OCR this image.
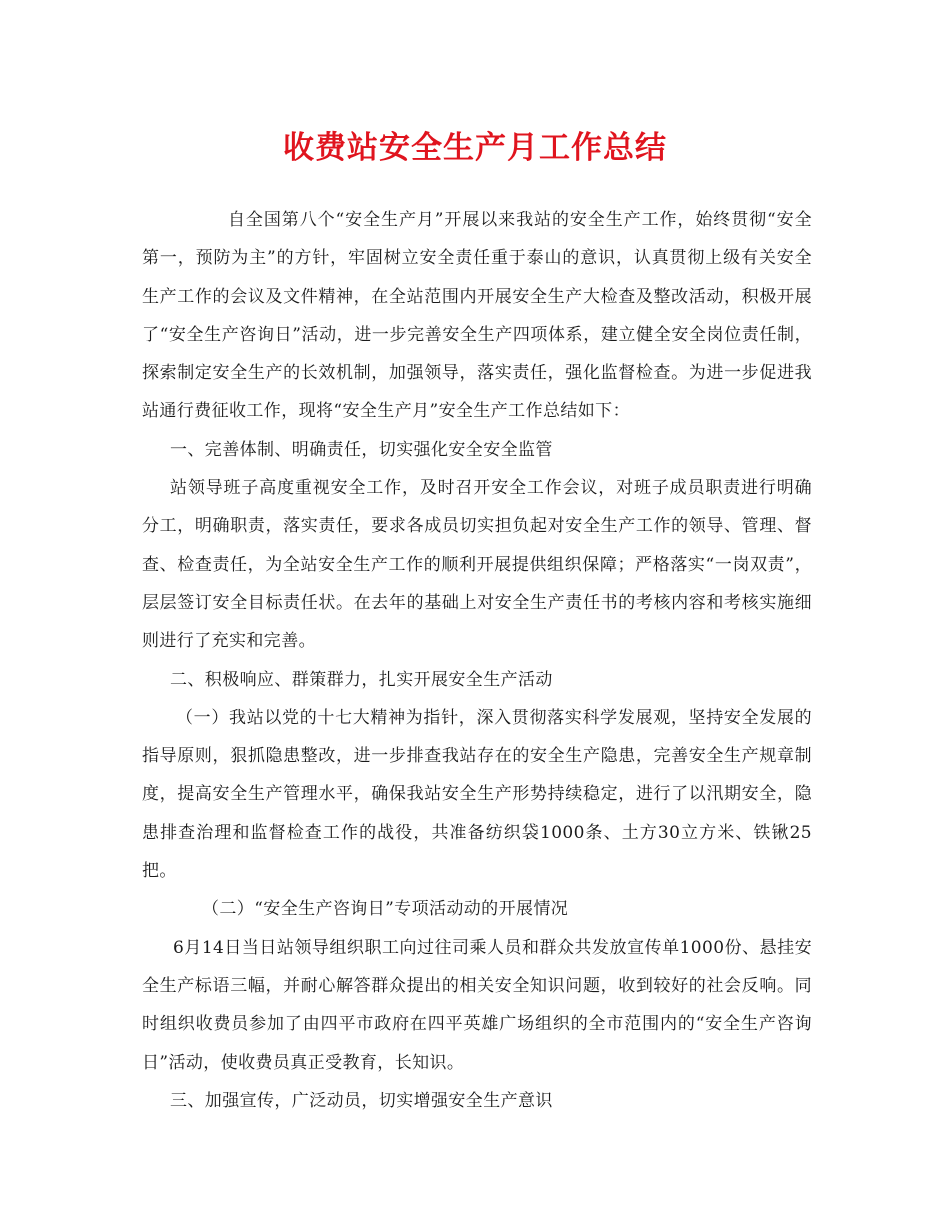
收费站安全生产月工作总结

自全国第八个“安全生产月”开展以来我站的安全生产工作，始终贯彻“安全第一，预防为主”的方针，牢固树立安全责任重于泰山的意识，认真贯彻上级有关安全生产工作的会议及文件精神，在全站范围内开展安全生产大检查及整改活动，积极开展了“安全生产咨询日”活动，进一步完善安全生产四项体系，建立健全安全岗位责任制，探索制定安全生产的长效机制，加强领导，落实责任，强化监督检查。为进一步促进我站通行费征收工作，现将“安全生产月”安全生产工作总结如下：

一、完善体制、明确责任，切实强化安全安全监管

站领导班子高度重视安全工作，及时召开安全工作会议，对班子成员职责进行明确分工，明确职责，落实责任，要求各成员切实担负起对安全生产工作的领导、管理、督查、检查责任，为全站安全生产工作的顺利开展提供组织保障；严格落实“一岗双责”，层层签订安全目标责任状。在去年的基础上对安全生产责任书的考核内容和考核实施细则进行了充实和完善。

二、积极响应、群策群力，扎实开展安全生产活动

（一）我站以党的十七大精神为指针，深入贯彻落实科学发展观，坚持安全发展的指导原则，狠抓隐患整改，进一步排查我站存在的安全生产隐患，完善安全生产规章制度，提高安全生产管理水平，确保我站安全生产形势持续稳定，进行了以汛期安全，隐患排查治理和监督检查工作的战役，共准备纺织袋1000条、土方30立方米、铁锹25把。

（二）“安全生产咨询日”专项活动动的开展情况

6月14日当日站领导组织职工向过往司乘人员和群众共发放宣传单1000份、悬挂安全生产标语三幅，并耐心解答群众提出的相关安全知识问题，收到较好的社会反响。同时组织收费员参加了由四平市政府在四平英雄广场组织的全市范围内的“安全生产咨询日”活动，使收费员真正受教育，长知识。

三、加强宣传，广泛动员，切实增强安全生产意识
